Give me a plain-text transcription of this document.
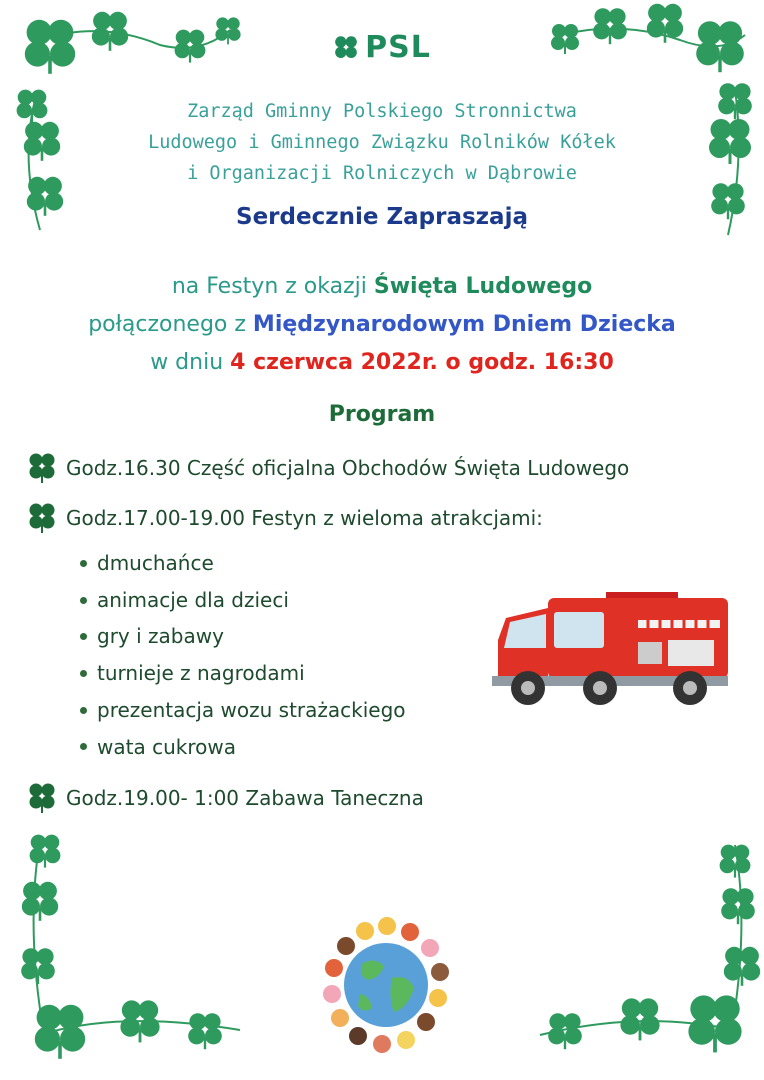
PSL
Zarząd Gminny Polskiego Stronnictwa
Ludowego i Gminnego Związku Rolników Kółek
i Organizacji Rolniczych w Dąbrowie
Serdecznie Zapraszają
na Festyn z okazji Święta Ludowego
połączonego z Międzynarodowym Dniem Dziecka
w dniu 4 czerwca 2022r. o godz. 16:30
Program
Godz.16.30 Część oficjalna Obchodów Święta Ludowego
Godz.17.00-19.00 Festyn z wieloma atrakcjami:
dmuchańce
animacje dla dzieci
gry i zabawy
turnieje z nagrodami
prezentacja wozu strażackiego
wata cukrowa
Godz.19.00- 1:00 Zabawa Taneczna
